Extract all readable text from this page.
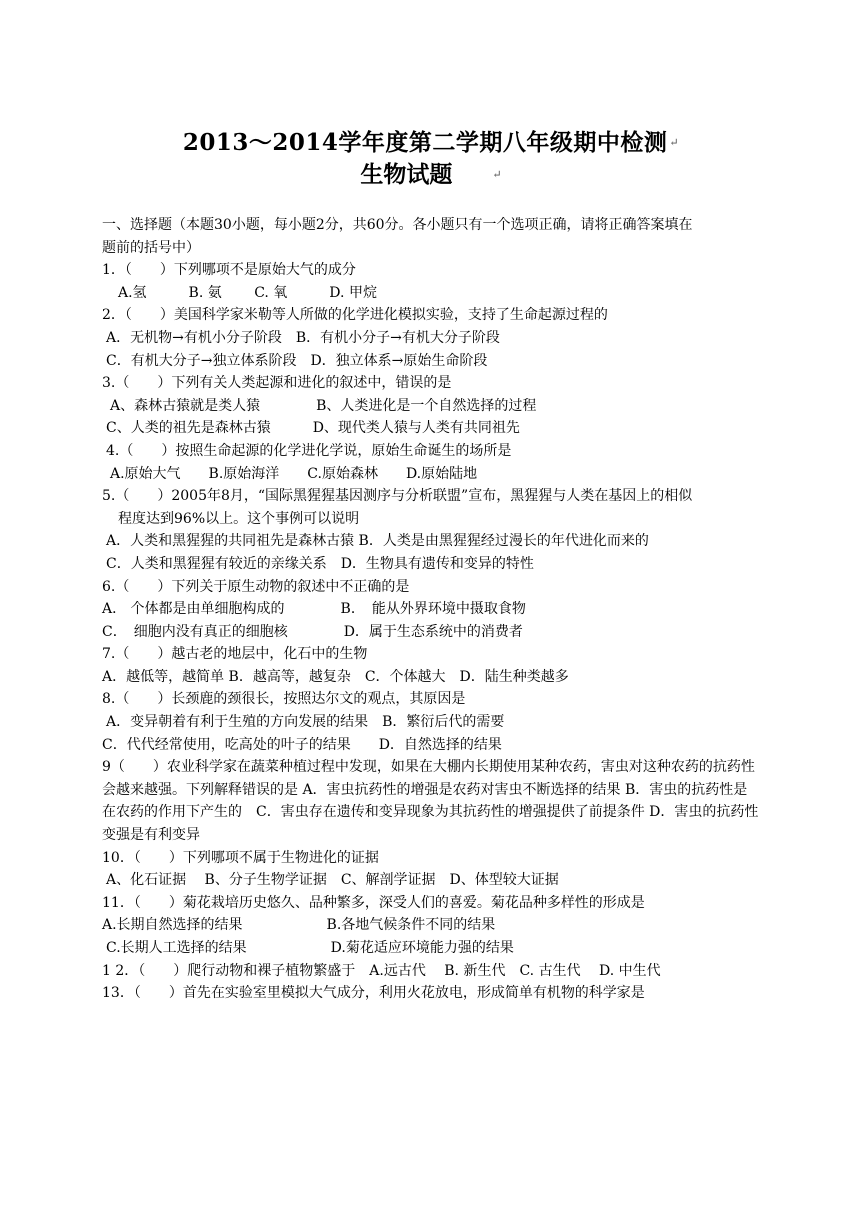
2013～2014学年度第二学期八年级期中检测 ↵
生物试题	↵
一、选择题（本题30小题，每小题2分，共60分。各小题只有一个选项正确，请将正确答案填在
题前的括号中）
1．（　　）下列哪项不是原始大气的成分
A.氢　　　B. 氨　　 C. 氧　　　D. 甲烷
2．（　　）美国科学家米勒等人所做的化学进化模拟实验，支持了生命起源过程的
A．无机物→有机小分子阶段　B．有机小分子→有机大分子阶段
C．有机大分子→独立体系阶段　D．独立体系→原始生命阶段
3.（　　）下列有关人类起源和进化的叙述中，错误的是
A、森林古猿就是类人猿　　　　B、人类进化是一个自然选择的过程
C、人类的祖先是森林古猿　　　D、现代类人猿与人类有共同祖先
4.（　　）按照生命起源的化学进化学说，原始生命诞生的场所是
A.原始大气　　B.原始海洋　　C.原始森林　　D.原始陆地
5.（　　）2005年8月，“国际黑猩猩基因测序与分析联盟”宣布，黑猩猩与人类在基因上的相似
程度达到96%以上。这个事例可以说明
A．人类和黑猩猩的共同祖先是森林古猿 B．人类是由黑猩猩经过漫长的年代进化而来的
C．人类和黑猩猩有较近的亲缘关系　D．生物具有遗传和变异的特性
6.（　　）下列关于原生动物的叙述中不正确的是
A． 个体都是由单细胞构成的　　　　B．　能从外界环境中摄取食物
C．　细胞内没有真正的细胞核　　　　D．属于生态系统中的消费者
7.（　　）越古老的地层中，化石中的生物
A．越低等，越简单 B．越高等，越复杂　C．个体越大　D．陆生种类越多
8.（　　）长颈鹿的颈很长，按照达尔文的观点，其原因是
A．变异朝着有利于生殖的方向发展的结果　B．繁衍后代的需要
C．代代经常使用，吃高处的叶子的结果　　D．自然选择的结果
9（　　）农业科学家在蔬菜种植过程中发现，如果在大棚内长期使用某种农药，害虫对这种农药的抗药性会越来越强。下列解释错误的是 A．害虫抗药性的增强是农药对害虫不断选择的结果 B．害虫的抗药性是在农药的作用下产生的　C．害虫存在遗传和变异现象为其抗药性的增强提供了前提条件 D．害虫的抗药性变强是有利变异
10．（　　）下列哪项不属于生物进化的证据
A、化石证据　 B、分子生物学证据　C、解剖学证据　D、体型较大证据
11．（　　）菊花栽培历史悠久、品种繁多，深受人们的喜爱。菊花品种多样性的形成是
A.长期自然选择的结果　　　　　　B.各地气候条件不同的结果
C.长期人工选择的结果　　　　　　D.菊花适应环境能力强的结果
1 2．（　　）爬行动物和裸子植物繁盛于　A.远古代　 B. 新生代　C. 古生代　 D. 中生代
13．（　　）首先在实验室里模拟大气成分，利用火花放电，形成简单有机物的科学家是
